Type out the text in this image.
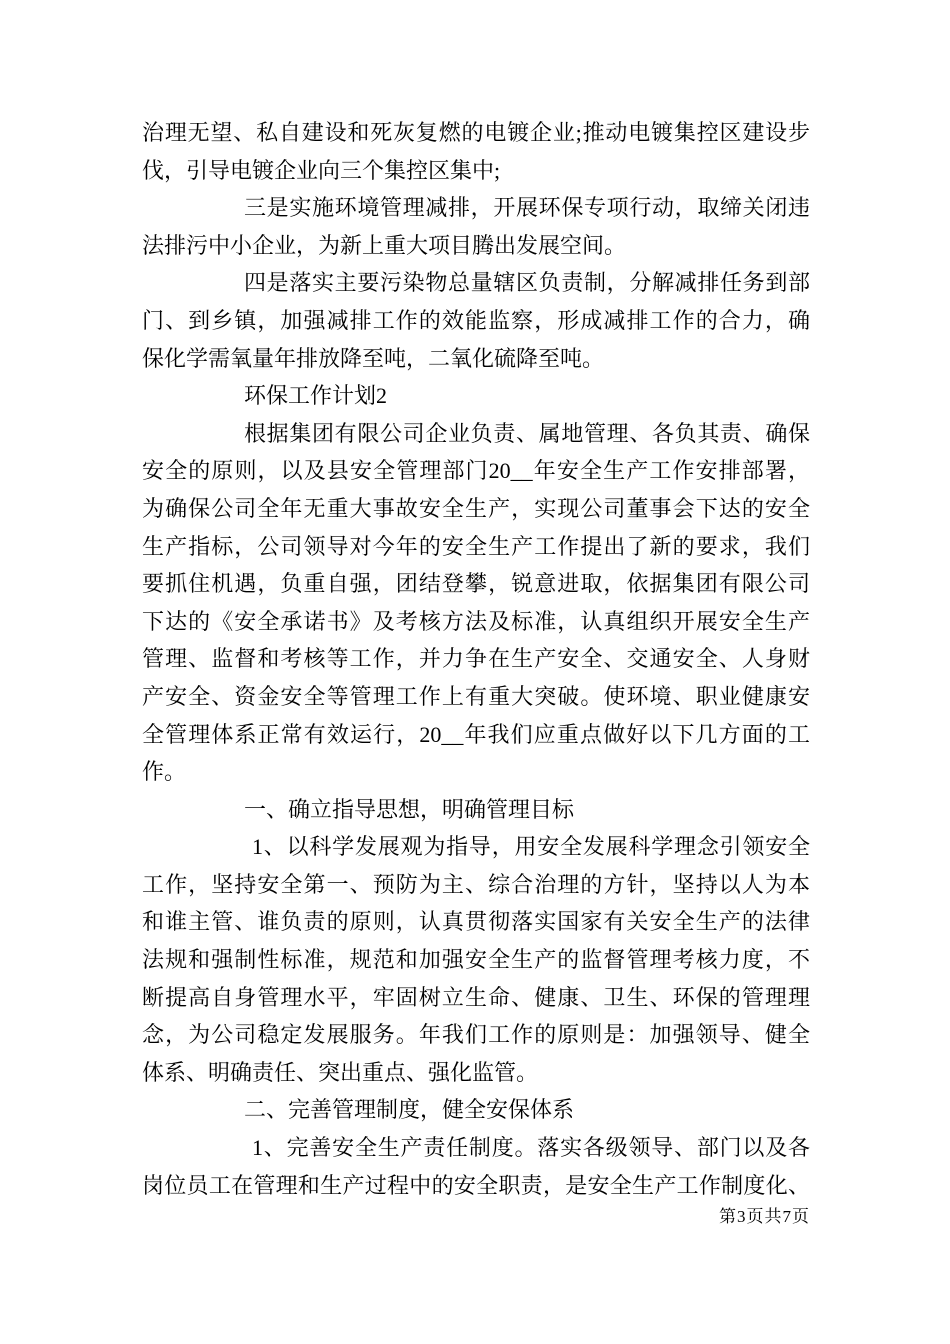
治理无望、私自建设和死灰复燃的电镀企业;推动电镀集控区建设步
伐，引导电镀企业向三个集控区集中;
三是实施环境管理减排，开展环保专项行动，取缔关闭违
法排污中小企业，为新上重大项目腾出发展空间。
四是落实主要污染物总量辖区负责制，分解减排任务到部
门、到乡镇，加强减排工作的效能监察，形成减排工作的合力，确
保化学需氧量年排放降至吨，二氧化硫降至吨。
环保工作计划2
根据集团有限公司企业负责、属地管理、各负其责、确保
安全的原则，以及县安全管理部门20__年安全生产工作安排部署，
为确保公司全年无重大事故安全生产，实现公司董事会下达的安全
生产指标，公司领导对今年的安全生产工作提出了新的要求，我们
要抓住机遇，负重自强，团结登攀，锐意进取，依据集团有限公司
下达的《安全承诺书》及考核方法及标准，认真组织开展安全生产
管理、监督和考核等工作，并力争在生产安全、交通安全、人身财
产安全、资金安全等管理工作上有重大突破。使环境、职业健康安
全管理体系正常有效运行，20__年我们应重点做好以下几方面的工
作。
一、确立指导思想，明确管理目标
1、以科学发展观为指导，用安全发展科学理念引领安全
工作，坚持安全第一、预防为主、综合治理的方针，坚持以人为本
和谁主管、谁负责的原则，认真贯彻落实国家有关安全生产的法律
法规和强制性标准，规范和加强安全生产的监督管理考核力度，不
断提高自身管理水平，牢固树立生命、健康、卫生、环保的管理理
念，为公司稳定发展服务。年我们工作的原则是：加强领导、健全
体系、明确责任、突出重点、强化监管。
二、完善管理制度，健全安保体系
1、完善安全生产责任制度。落实各级领导、部门以及各
岗位员工在管理和生产过程中的安全职责，是安全生产工作制度化、
第3页共7页
